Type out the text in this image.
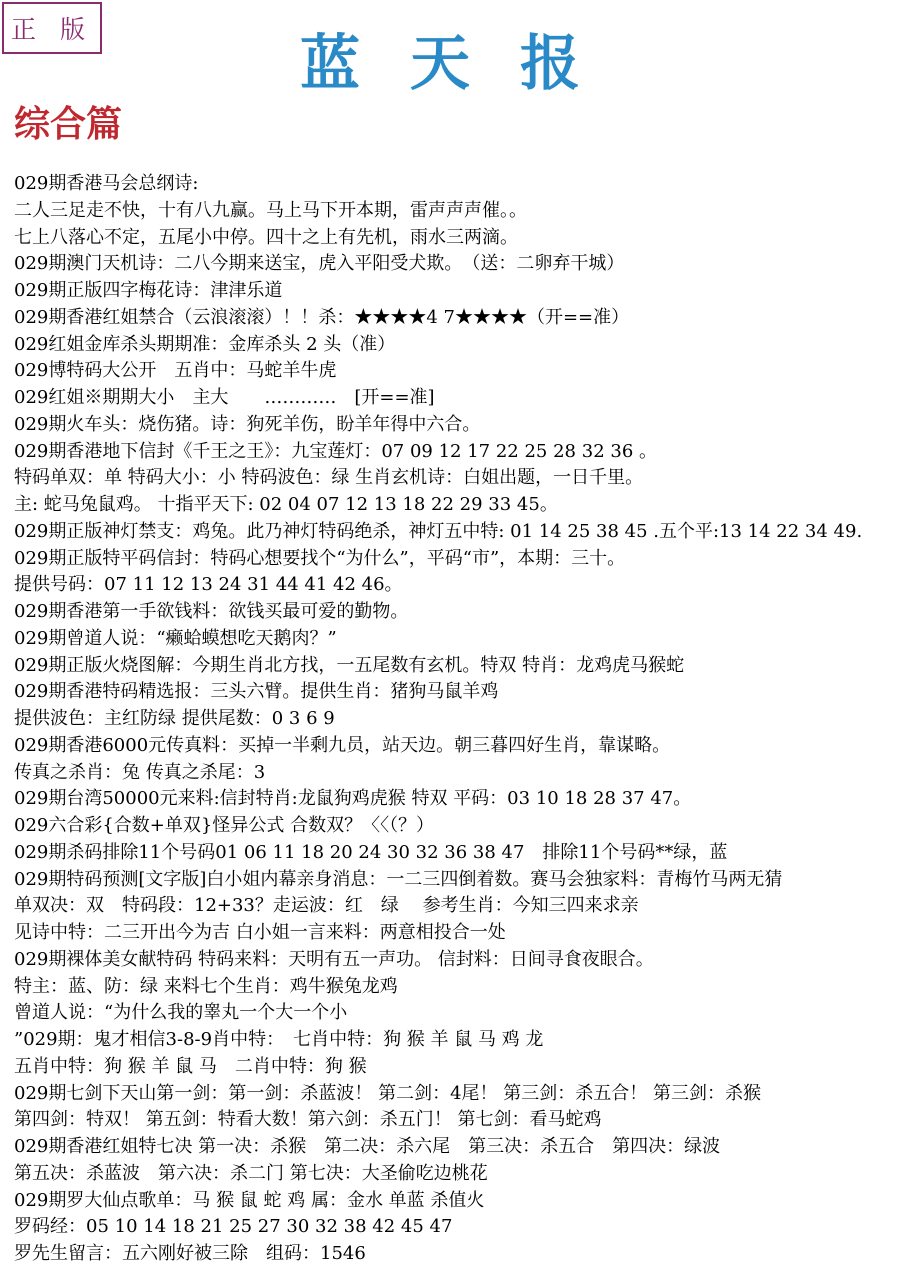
正 版	蓝天报
综合篇
029期香港马会总纲诗:
二人三足走不快，十有八九赢。马上马下开本期，雷声声声催。。
七上八落心不定，五尾小中停。四十之上有先机，雨水三两滴。
029期澳门天机诗：二八今期来送宝，虎入平阳受犬欺。　（送：二卵弃干城）
029期正版四字梅花诗：津津乐道
029期香港红姐禁合（云浪滚滚）！！杀：★★★★4 7★★★★（开==准）
029红姐金库杀头期期准：金库杀头 2 头（准）
029博特码大公开　五肖中：马蛇羊牛虎
029红姐※期期大小　主大　　…………　[开==准]
029期火车头：烧伤猪。诗：狗死羊伤，盼羊年得中六合。
029期香港地下信封《千王之王》：九宝莲灯：07 09 12 17 22 25 28 32 36 。
特码单双：单 特码大小：小 特码波色：绿 生肖玄机诗：白姐出题，一日千里。
主: 蛇马兔鼠鸡。 十指平天下: 02 04 07 12 13 18 22 29 33 45。
029期正版神灯禁支：鸡兔。此乃神灯特码绝杀，神灯五中特: 01 14 25 38 45 .五个平:13 14 22 34 49.
029期正版特平码信封：特码心想要找个“为什么”，平码“市”，本期：三十。
提供号码：07 11 12 13 24 31 44 41 42 46。
029期香港第一手欲钱料：欲钱买最可爱的勤物。
029期曾道人说：“癞蛤蟆想吃天鹅肉？”
029期正版火烧图解：今期生肖北方找，一五尾数有玄机。特双 特肖：龙鸡虎马猴蛇
029期香港特码精选报：三头六臂。提供生肖：猪狗马鼠羊鸡
提供波色：主红防绿 提供尾数：0 3 6 9
029期香港6000元传真料：买掉一半剩九员，站天边。朝三暮四好生肖，靠谋略。
传真之杀肖：兔 传真之杀尾：3
029期台湾50000元来料:信封特肖:龙鼠狗鸡虎猴 特双 平码：03 10 18 28 37 47。
029六合彩{合数+单双}怪异公式 合数双？〈〈（？）
029期杀码排除11个号码01 06 11 18 20 24 30 32 36 38 47　排除11个号码**绿，蓝
029期特码预测[文字版]白小姐内幕亲身消息：一二三四倒着数。赛马会独家料：青梅竹马两无猜
单双决：双　特码段：12+33？走运波：红　绿　 参考生肖：今知三四来求亲
见诗中特：二三开出今为吉 白小姐一言来料：两意相投合一处
029期裸体美女献特码 特码来料：天明有五一声功。 信封料：日间寻食夜眼合。
特主：蓝、防：绿 来料七个生肖：鸡牛猴兔龙鸡
曾道人说：“为什么我的睾丸一个大一个小
”029期：鬼才相信3-8-9肖中特：　七肖中特：狗 猴 羊 鼠 马 鸡 龙
五肖中特：狗 猴 羊 鼠 马　二肖中特：狗 猴
029期七剑下天山第一剑：第一剑：杀蓝波！ 第二剑：4尾！ 第三剑：杀五合！ 第三剑：杀猴
第四剑：特双！ 第五剑：特看大数！第六剑：杀五门！ 第七剑：看马蛇鸡
029期香港红姐特七决 第一决：杀猴　第二决：杀六尾　第三决：杀五合　第四决：绿波
第五决：杀蓝波　第六决：杀二门 第七决：大圣偷吃边桃花
029期罗大仙点歌单：马 猴 鼠 蛇 鸡 属：金水 单蓝 杀值火
罗码经：05 10 14 18 21 25 27 30 32 38 42 45 47
罗先生留言：五六刚好被三除　组码：1546
